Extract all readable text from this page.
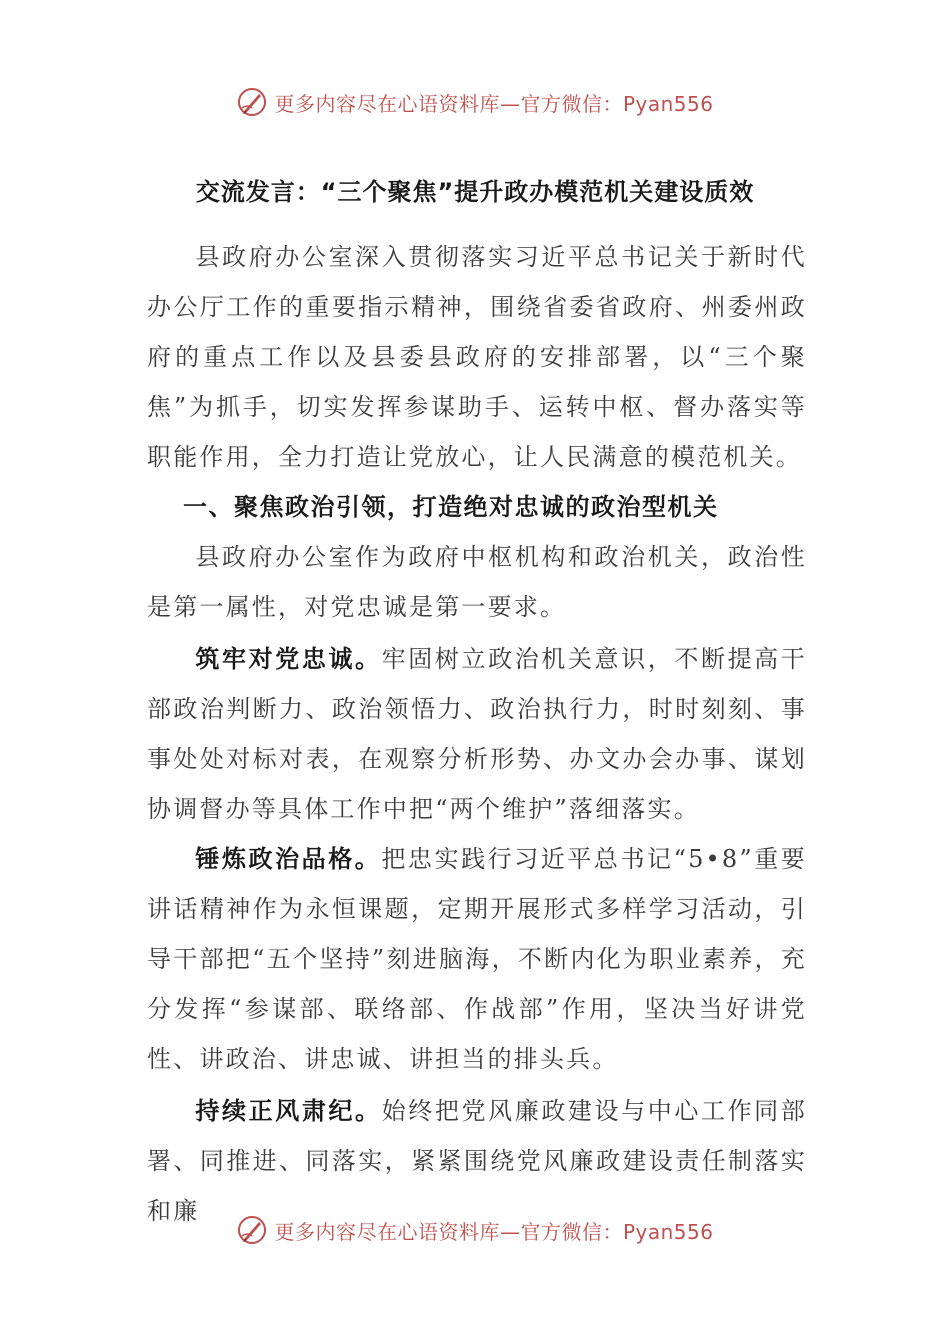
更多内容尽在心语资料库—官方微信：Pyan556
交流发言：“三个聚焦”提升政办模范机关建设质效

县政府办公室深入贯彻落实习近平总书记关于新时代办公厅工作的重要指示精神，围绕省委省政府、州委州政府的重点工作以及县委县政府的安排部署，以“三个聚焦”为抓手，切实发挥参谋助手、运转中枢、督办落实等职能作用，全力打造让党放心，让人民满意的模范机关。

一、聚焦政治引领，打造绝对忠诚的政治型机关

县政府办公室作为政府中枢机构和政治机关，政治性是第一属性，对党忠诚是第一要求。

筑牢对党忠诚。牢固树立政治机关意识，不断提高干部政治判断力、政治领悟力、政治执行力，时时刻刻、事事处处对标对表，在观察分析形势、办文办会办事、谋划协调督办等具体工作中把“两个维护”落细落实。

锤炼政治品格。把忠实践行习近平总书记“5•8”重要讲话精神作为永恒课题，定期开展形式多样学习活动，引导干部把“五个坚持”刻进脑海，不断内化为职业素养，充分发挥“参谋部、联络部、作战部”作用，坚决当好讲党性、讲政治、讲忠诚、讲担当的排头兵。

持续正风肃纪。始终把党风廉政建设与中心工作同部署、同推进、同落实，紧紧围绕党风廉政建设责任制落实和廉

更多内容尽在心语资料库—官方微信：Pyan556
